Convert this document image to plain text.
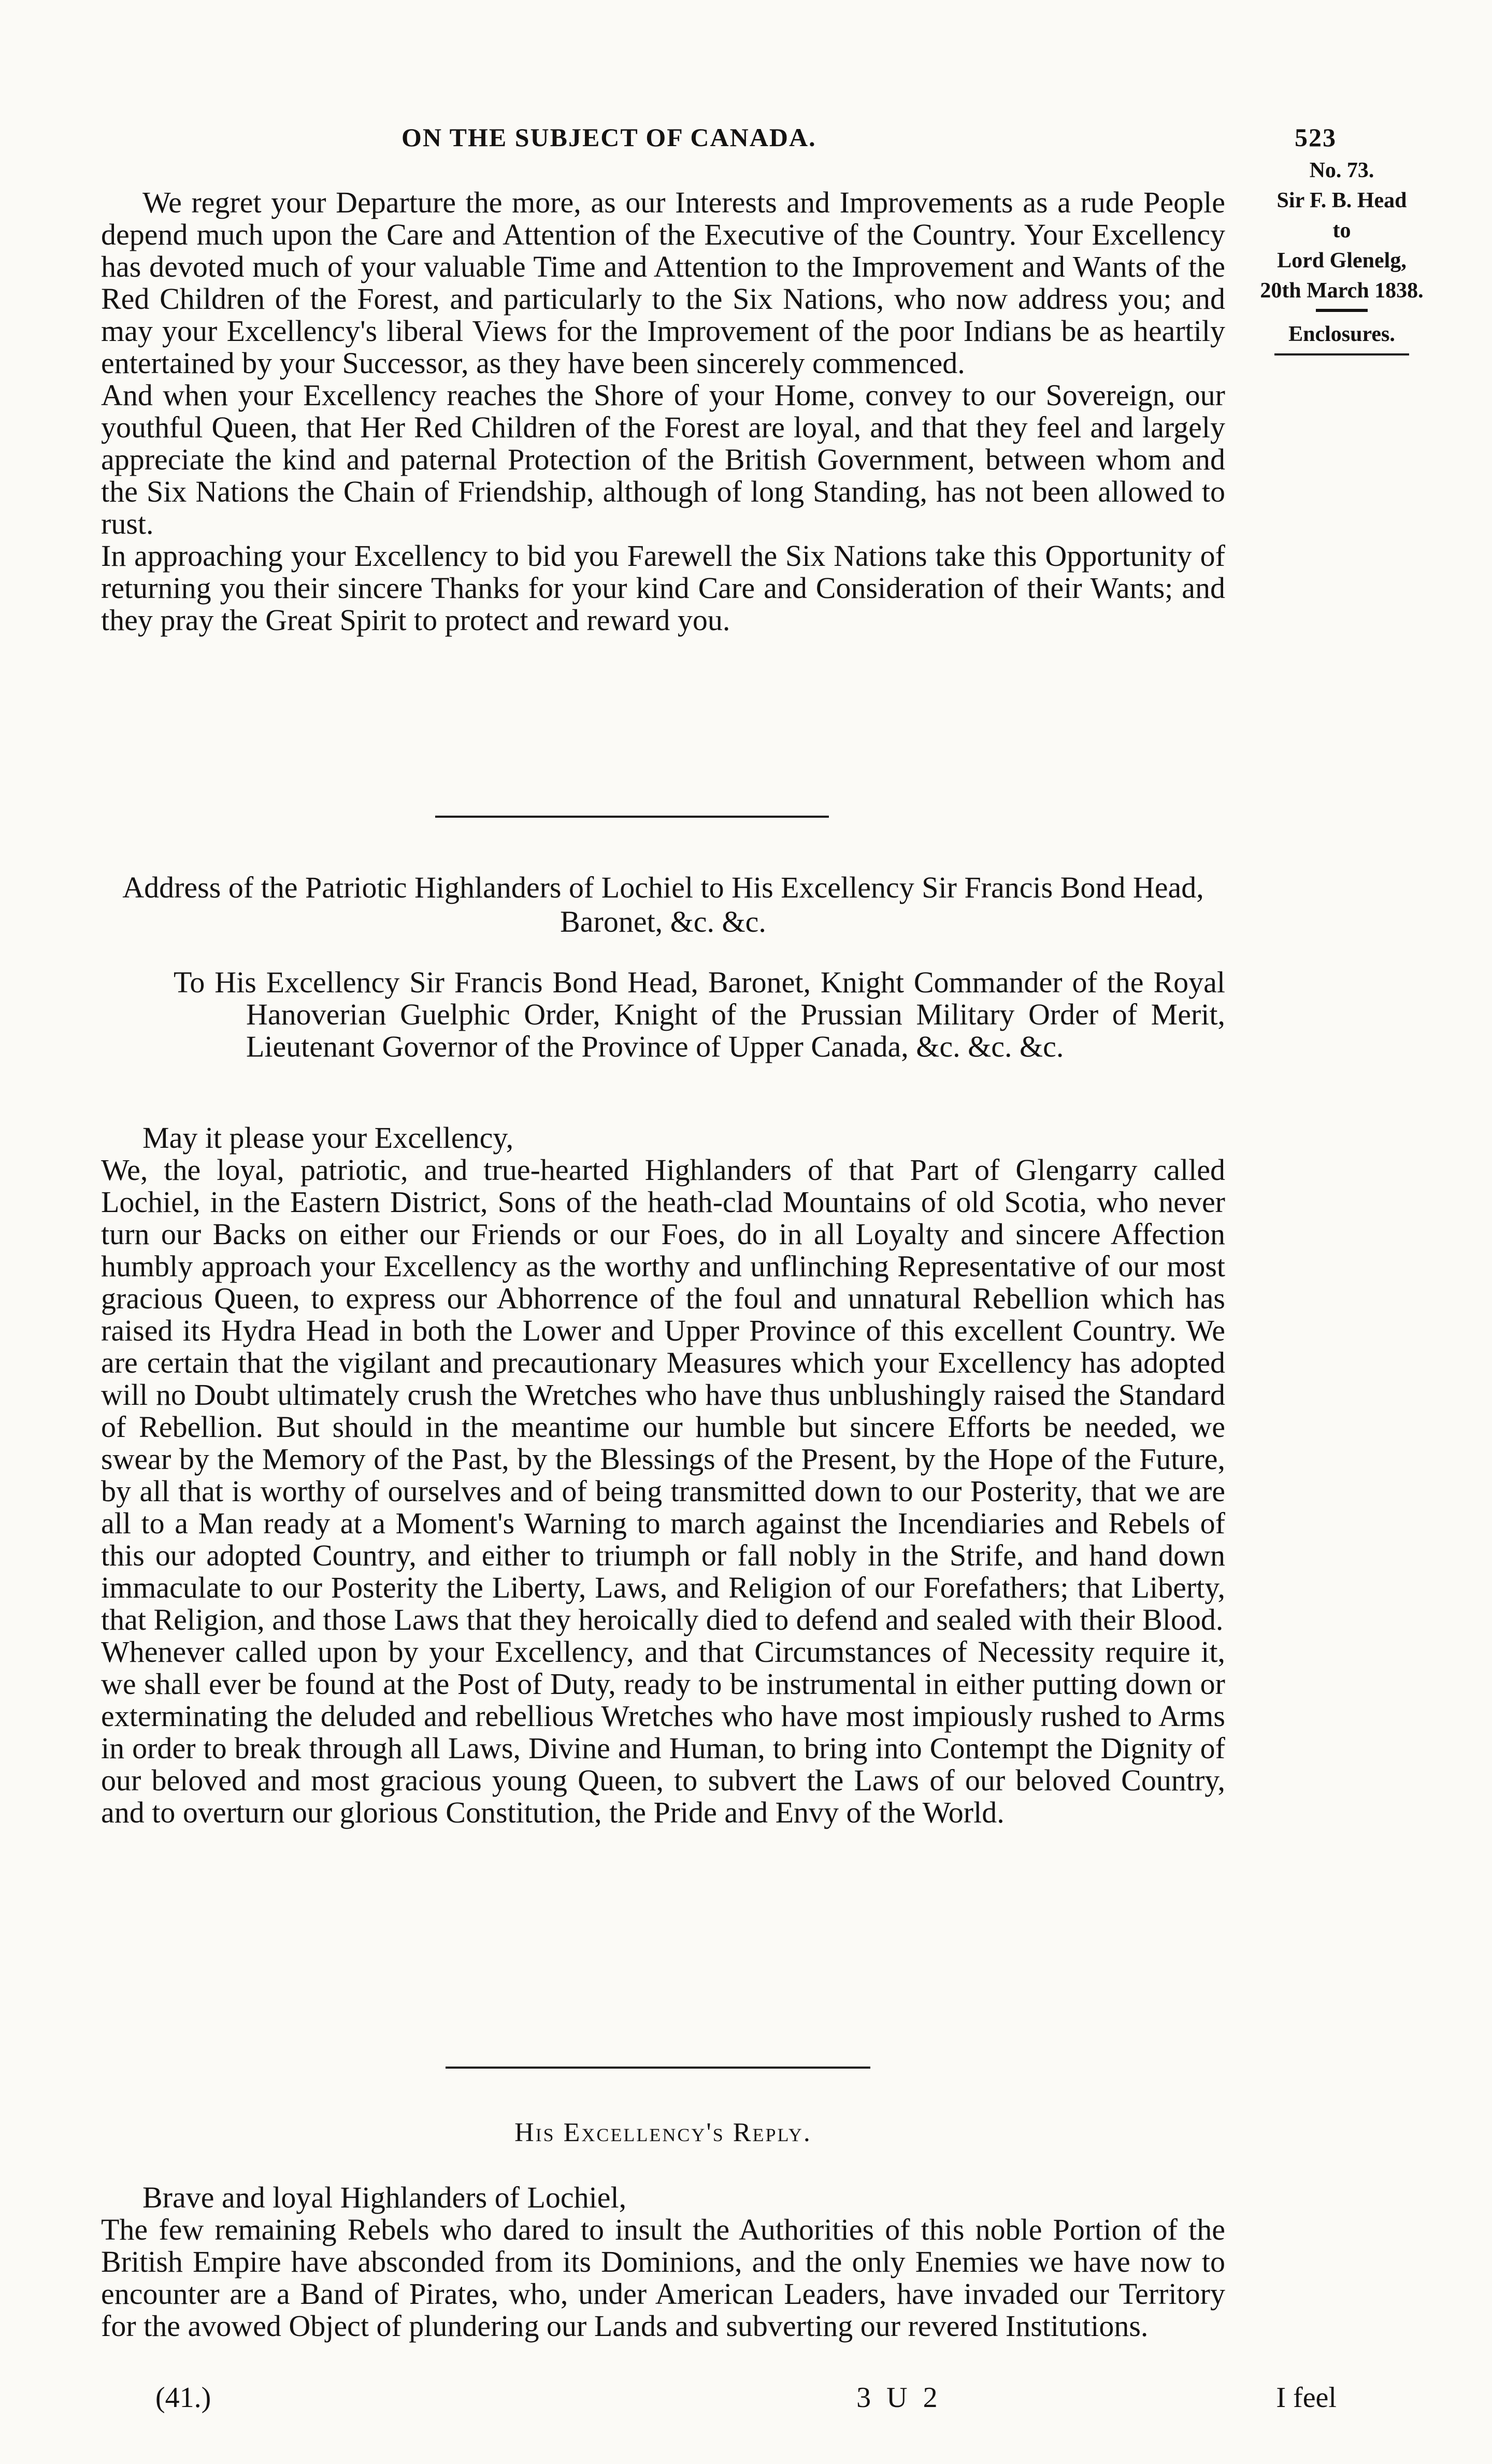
ON THE SUBJECT OF CANADA.	523
No. 73.
Sir F. B. Head
to
Lord Glenelg,
20th March 1838.
Enclosures.

We regret your Departure the more, as our Interests and Improvements as a rude People depend much upon the Care and Attention of the Executive of the Country. Your Excellency has devoted much of your valuable Time and Attention to the Improvement and Wants of the Red Children of the Forest, and particularly to the Six Nations, who now address you; and may your Excellency's liberal Views for the Improvement of the poor Indians be as heartily entertained by your Successor, as they have been sincerely commenced.

And when your Excellency reaches the Shore of your Home, convey to our Sovereign, our youthful Queen, that Her Red Children of the Forest are loyal, and that they feel and largely appreciate the kind and paternal Protection of the British Government, between whom and the Six Nations the Chain of Friendship, although of long Standing, has not been allowed to rust.

In approaching your Excellency to bid you Farewell the Six Nations take this Opportunity of returning you their sincere Thanks for your kind Care and Consideration of their Wants; and they pray the Great Spirit to protect and reward you.

Address of the Patriotic Highlanders of Lochiel to His Excellency Sir Francis Bond Head, Baronet, &c. &c.
To His Excellency Sir Francis Bond Head, Baronet, Knight Commander of the Royal Hanoverian Guelphic Order, Knight of the Prussian Military Order of Merit, Lieutenant Governor of the Province of Upper Canada, &c. &c. &c.

May it please your Excellency,

We, the loyal, patriotic, and true-hearted Highlanders of that Part of Glengarry called Lochiel, in the Eastern District, Sons of the heath-clad Mountains of old Scotia, who never turn our Backs on either our Friends or our Foes, do in all Loyalty and sincere Affection humbly approach your Excellency as the worthy and unflinching Representative of our most gracious Queen, to express our Abhorrence of the foul and unnatural Rebellion which has raised its Hydra Head in both the Lower and Upper Province of this excellent Country. We are certain that the vigilant and precautionary Measures which your Excellency has adopted will no Doubt ultimately crush the Wretches who have thus unblushingly raised the Standard of Rebellion. But should in the meantime our humble but sincere Efforts be needed, we swear by the Memory of the Past, by the Blessings of the Present, by the Hope of the Future, by all that is worthy of ourselves and of being transmitted down to our Posterity, that we are all to a Man ready at a Moment's Warning to march against the Incendiaries and Rebels of this our adopted Country, and either to triumph or fall nobly in the Strife, and hand down immaculate to our Posterity the Liberty, Laws, and Religion of our Forefathers; that Liberty, that Religion, and those Laws that they heroically died to defend and sealed with their Blood.

Whenever called upon by your Excellency, and that Circumstances of Necessity require it, we shall ever be found at the Post of Duty, ready to be instrumental in either putting down or exterminating the deluded and rebellious Wretches who have most impiously rushed to Arms in order to break through all Laws, Divine and Human, to bring into Contempt the Dignity of our beloved and most gracious young Queen, to subvert the Laws of our beloved Country, and to overturn our glorious Constitution, the Pride and Envy of the World.

His Excellency's Reply.

Brave and loyal Highlanders of Lochiel,

The few remaining Rebels who dared to insult the Authorities of this noble Portion of the British Empire have absconded from its Dominions, and the only Enemies we have now to encounter are a Band of Pirates, who, under American Leaders, have invaded our Territory for the avowed Object of plundering our Lands and subverting our revered Institutions.

(41.)	3 U 2	I feel
